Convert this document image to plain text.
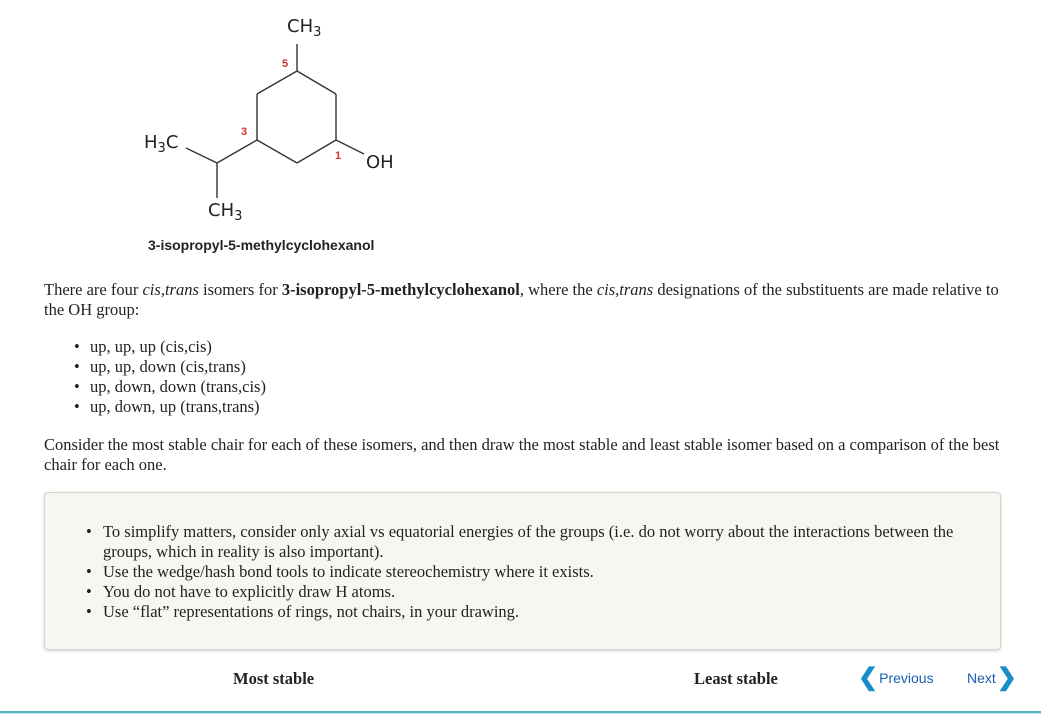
$CH_3$
5
$H_3C$	3
1 OH
$CH_3$
3-isopropyl-5-methylcyclohexanol

There are four cis,trans isomers for 3-isopropyl-5-methylcyclohexanol, where the cis,trans designations of the substituents are made relative to the OH group:

• up, up, up (cis,cis)
• up, up, down (cis,trans)
• up, down, down (trans,cis)
• up, down, up (trans,trans)

Consider the most stable chair for each of these isomers, and then draw the most stable and least stable isomer based on a comparison of the best chair for each one.

• To simplify matters, consider only axial vs equatorial energies of the groups (i.e. do not worry about the interactions between the groups, which in reality is also important).
• Use the wedge/hash bond tools to indicate stereochemistry where it exists.
• You do not have to explicitly draw H atoms.
• Use “flat” representations of rings, not chairs, in your drawing.
Most stable	Least stable	❮ Previous Next ❯
